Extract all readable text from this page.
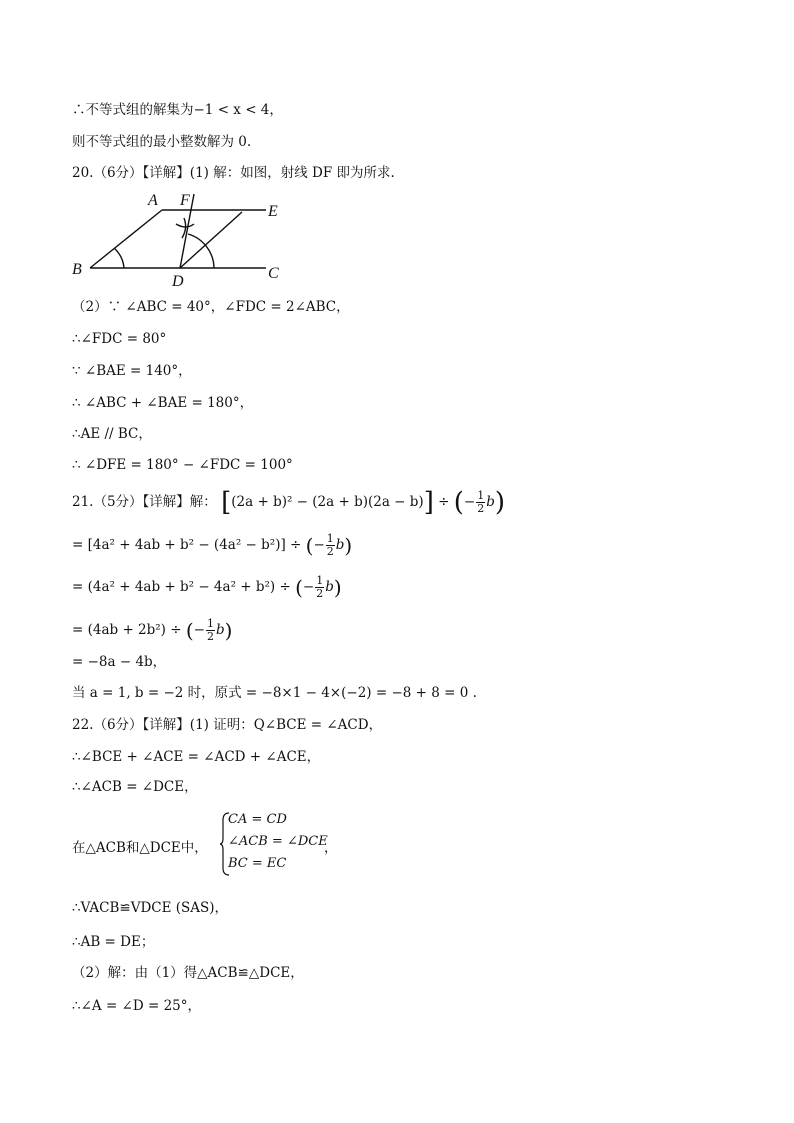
∴不等式组的解集为−1 < x < 4，
则不等式组的最小整数解为 0.
20.（6分）【详解】(1) 解：如图，射线 DF 即为所求.
A F
E
B
D	C
（2）∵ ∠ABC = 40°，∠FDC = 2∠ABC，
∴∠FDC = 80°
∵ ∠BAE = 140°，
∴ ∠ABC + ∠BAE = 180°，
∴AE // BC，
∴ ∠DFE = 180° − ∠FDC = 100°
21.（5分）【详解】解： [(2a + b)² − (2a + b)(2a − b)] ÷ (− $\frac{1}{2} b$)
= [4a² + 4ab + b² − (4a² − b²)] ÷ (− $\frac{1}{2} b$)
= (4a² + 4ab + b² − 4a² + b²) ÷ (− $\frac{1}{2} b$)
= (4ab + 2b²) ÷ (− $\frac{1}{2} b$)
= −8a − 4b，
当 a = 1, b = −2 时，原式 = −8×1 − 4×(−2) = −8 + 8 = 0 .
22.（6分）【详解】(1) 证明：Q∠BCE = ∠ACD，
∴∠BCE + ∠ACE = ∠ACD + ∠ACE，
∴∠ACB = ∠DCE，
在△ACB和△DCE中，
CA = CD
∠ACB = ∠DCE
BC = EC
，
∴VACB≌VDCE (SAS)，
∴AB = DE；
（2）解：由（1）得△ACB≌△DCE，
∴∠A = ∠D = 25°，
